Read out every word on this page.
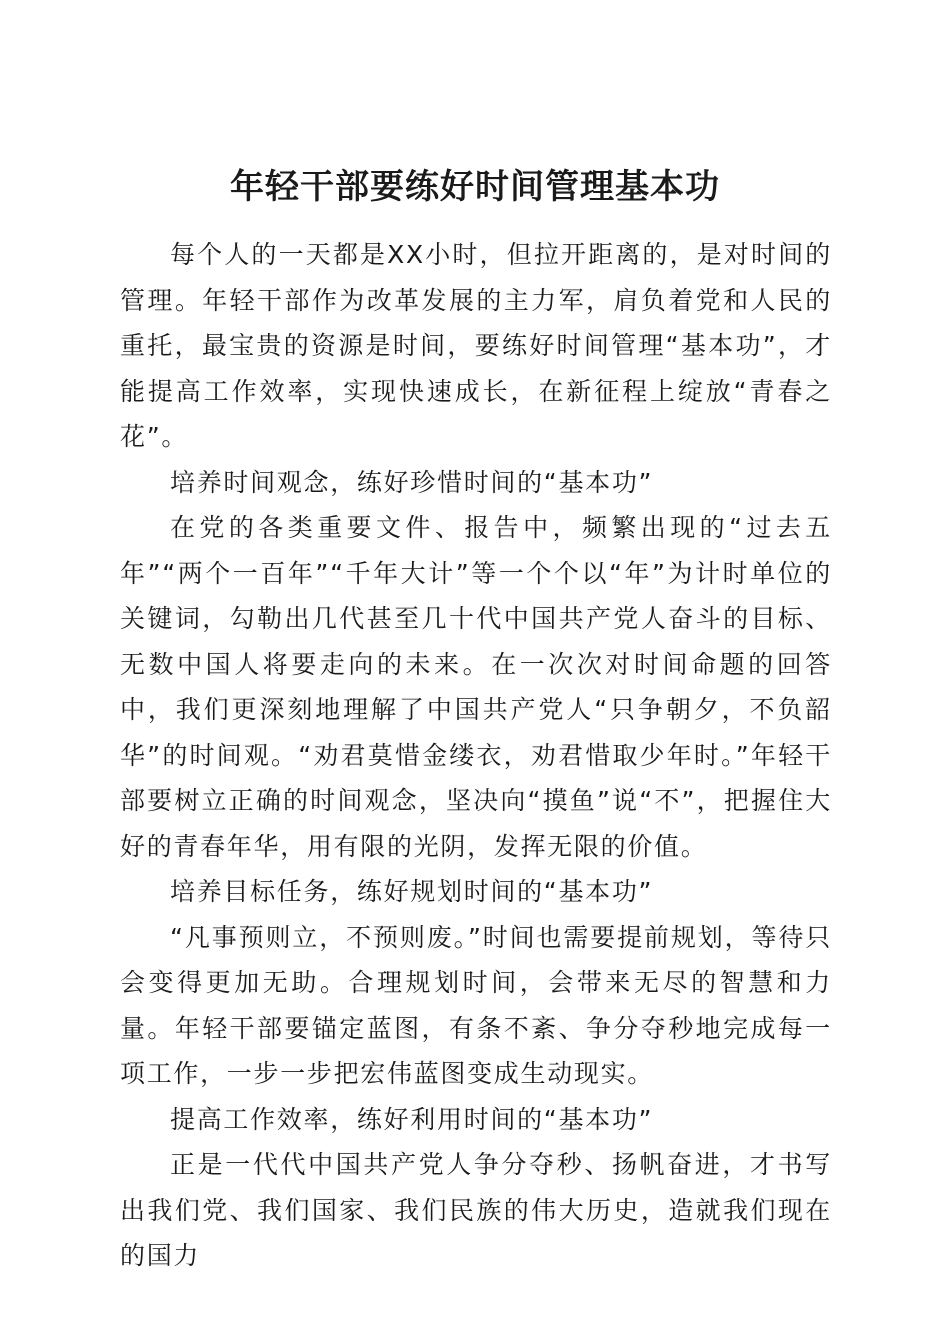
年轻干部要练好时间管理基本功

每个人的一天都是XX小时，但拉开距离的，是对时间的管理。年轻干部作为改革发展的主力军，肩负着党和人民的重托，最宝贵的资源是时间，要练好时间管理“基本功”，才能提高工作效率，实现快速成长，在新征程上绽放“青春之花”。

培养时间观念，练好珍惜时间的“基本功”

在党的各类重要文件、报告中，频繁出现的“过去五年”“两个一百年”“千年大计”等一个个以“年”为计时单位的关键词，勾勒出几代甚至几十代中国共产党人奋斗的目标、无数中国人将要走向的未来。在一次次对时间命题的回答中，我们更深刻地理解了中国共产党人“只争朝夕，不负韶华”的时间观。“劝君莫惜金缕衣，劝君惜取少年时。”年轻干部要树立正确的时间观念，坚决向“摸鱼”说“不”，把握住大好的青春年华，用有限的光阴，发挥无限的价值。

培养目标任务，练好规划时间的“基本功”

“凡事预则立，不预则废。”时间也需要提前规划，等待只会变得更加无助。合理规划时间，会带来无尽的智慧和力量。年轻干部要锚定蓝图，有条不紊、争分夺秒地完成每一项工作，一步一步把宏伟蓝图变成生动现实。

提高工作效率，练好利用时间的“基本功”

正是一代代中国共产党人争分夺秒、扬帆奋进，才书写出我们党、我们国家、我们民族的伟大历史，造就我们现在的国力
